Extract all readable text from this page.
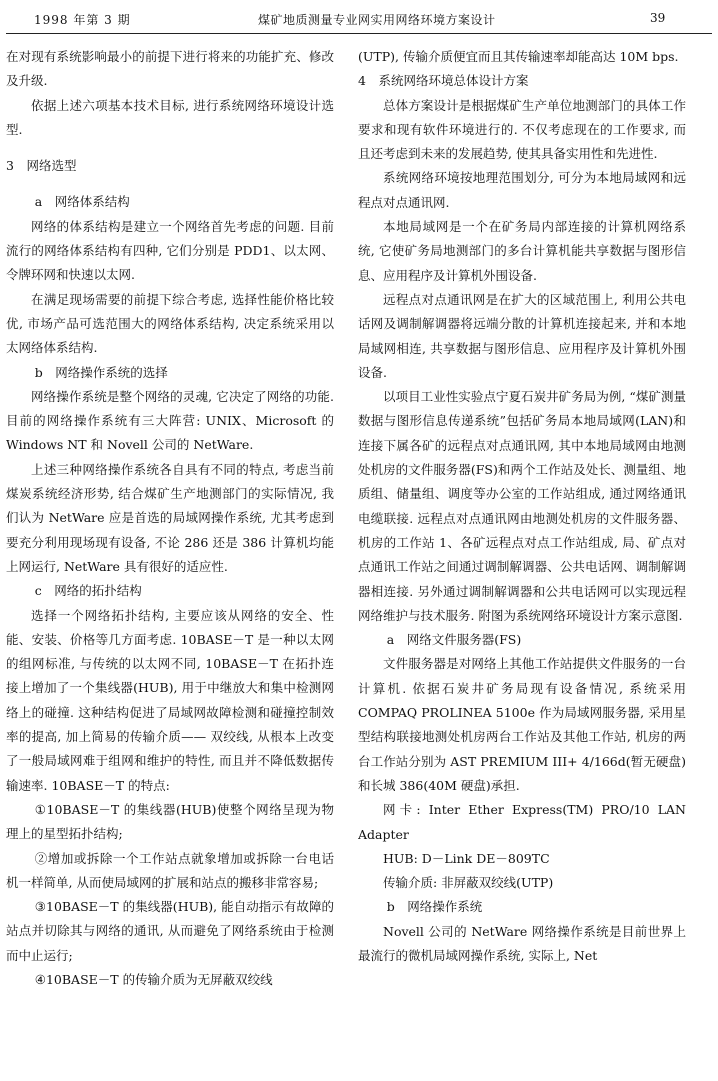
1998 年第 3 期	煤矿地质测量专业网实用网络环境方案设计	39

在对现有系统影响最小的前提下进行将来的功能扩充、修改及升级.

依据上述六项基本技术目标, 进行系统网络环境设计选型.

3　网络选型

a　网络体系结构

网络的体系结构是建立一个网络首先考虑的问题. 目前流行的网络体系结构有四种, 它们分别是 PDD1、以太网、令牌环网和快速以太网.

在满足现场需要的前提下综合考虑, 选择性能价格比较优, 市场产品可选范围大的网络体系结构, 决定系统采用以太网络体系结构.

b　网络操作系统的选择

网络操作系统是整个网络的灵魂, 它决定了网络的功能. 目前的网络操作系统有三大阵营: UNIX、Microsoft 的 Windows NT 和 Novell 公司的 NetWare.

上述三种网络操作系统各自具有不同的特点, 考虑当前煤炭系统经济形势, 结合煤矿生产地测部门的实际情况, 我们认为 NetWare 应是首选的局域网操作系统, 尤其考虑到要充分利用现场现有设备, 不论 286 还是 386 计算机均能上网运行, NetWare 具有很好的适应性.

c　网络的拓扑结构

选择一个网络拓扑结构, 主要应该从网络的安全、性能、安装、价格等几方面考虑. 10BASE－T 是一种以太网的组网标准, 与传统的以太网不同, 10BASE－T 在拓扑连接上增加了一个集线器(HUB), 用于中继放大和集中检测网络上的碰撞. 这种结构促进了局域网故障检测和碰撞控制效率的提高, 加上简易的传输介质—— 双绞线, 从根本上改变了一般局域网难于组网和维护的特性, 而且并不降低数据传输速率. 10BASE－T 的特点:

①10BASE－T 的集线器(HUB)使整个网络呈现为物理上的星型拓扑结构;

②增加或拆除一个工作站点就象增加或拆除一台电话机一样简单, 从而使局域网的扩展和站点的搬移非常容易;

③10BASE－T 的集线器(HUB), 能自动指示有故障的站点并切除其与网络的通讯, 从而避免了网络系统由于检测而中止运行;

④10BASE－T 的传输介质为无屏蔽双绞线

(UTP), 传输介质便宜而且其传输速率却能高达 10M bps.

4　系统网络环境总体设计方案

总体方案设计是根据煤矿生产单位地测部门的具体工作要求和现有软件环境进行的. 不仅考虑现在的工作要求, 而且还考虑到未来的发展趋势, 使其具备实用性和先进性.

系统网络环境按地理范围划分, 可分为本地局域网和远程点对点通讯网.

本地局域网是一个在矿务局内部连接的计算机网络系统, 它使矿务局地测部门的多台计算机能共享数据与图形信息、应用程序及计算机外围设备.

远程点对点通讯网是在扩大的区域范围上, 利用公共电话网及调制解调器将远端分散的计算机连接起来, 并和本地局域网相连, 共享数据与图形信息、应用程序及计算机外围设备.

以项目工业性实验点宁夏石炭井矿务局为例, “煤矿测量数据与图形信息传递系统”包括矿务局本地局域网(LAN)和连接下属各矿的远程点对点通讯网, 其中本地局域网由地测处机房的文件服务器(FS)和两个工作站及处长、测量组、地质组、储量组、调度等办公室的工作站组成, 通过网络通讯电缆联接. 远程点对点通讯网由地测处机房的文件服务器、机房的工作站 1、各矿远程点对点工作站组成, 局、矿点对点通讯工作站之间通过调制解调器、公共电话网、调制解调器相连接. 另外通过调制解调器和公共电话网可以实现远程网络维护与技术服务. 附图为系统网络环境设计方案示意图.

a　网络文件服务器(FS)

文件服务器是对网络上其他工作站提供文件服务的一台计算机. 依据石炭井矿务局现有设备情况, 系统采用 COMPAQ PROLINEA 5100e 作为局域网服务器, 采用星型结构联接地测处机房两台工作站及其他工作站, 机房的两台工作站分别为 AST PREMIUM III+ 4/166d(暂无硬盘)和长城 386(40M 硬盘)承担.

网卡: Inter Ether Express(TM) PRO/10 LAN Adapter

HUB: D－Link DE－809TC

传输介质: 非屏蔽双绞线(UTP)

b　网络操作系统

Novell 公司的 NetWare 网络操作系统是目前世界上最流行的微机局域网操作系统, 实际上, Net
